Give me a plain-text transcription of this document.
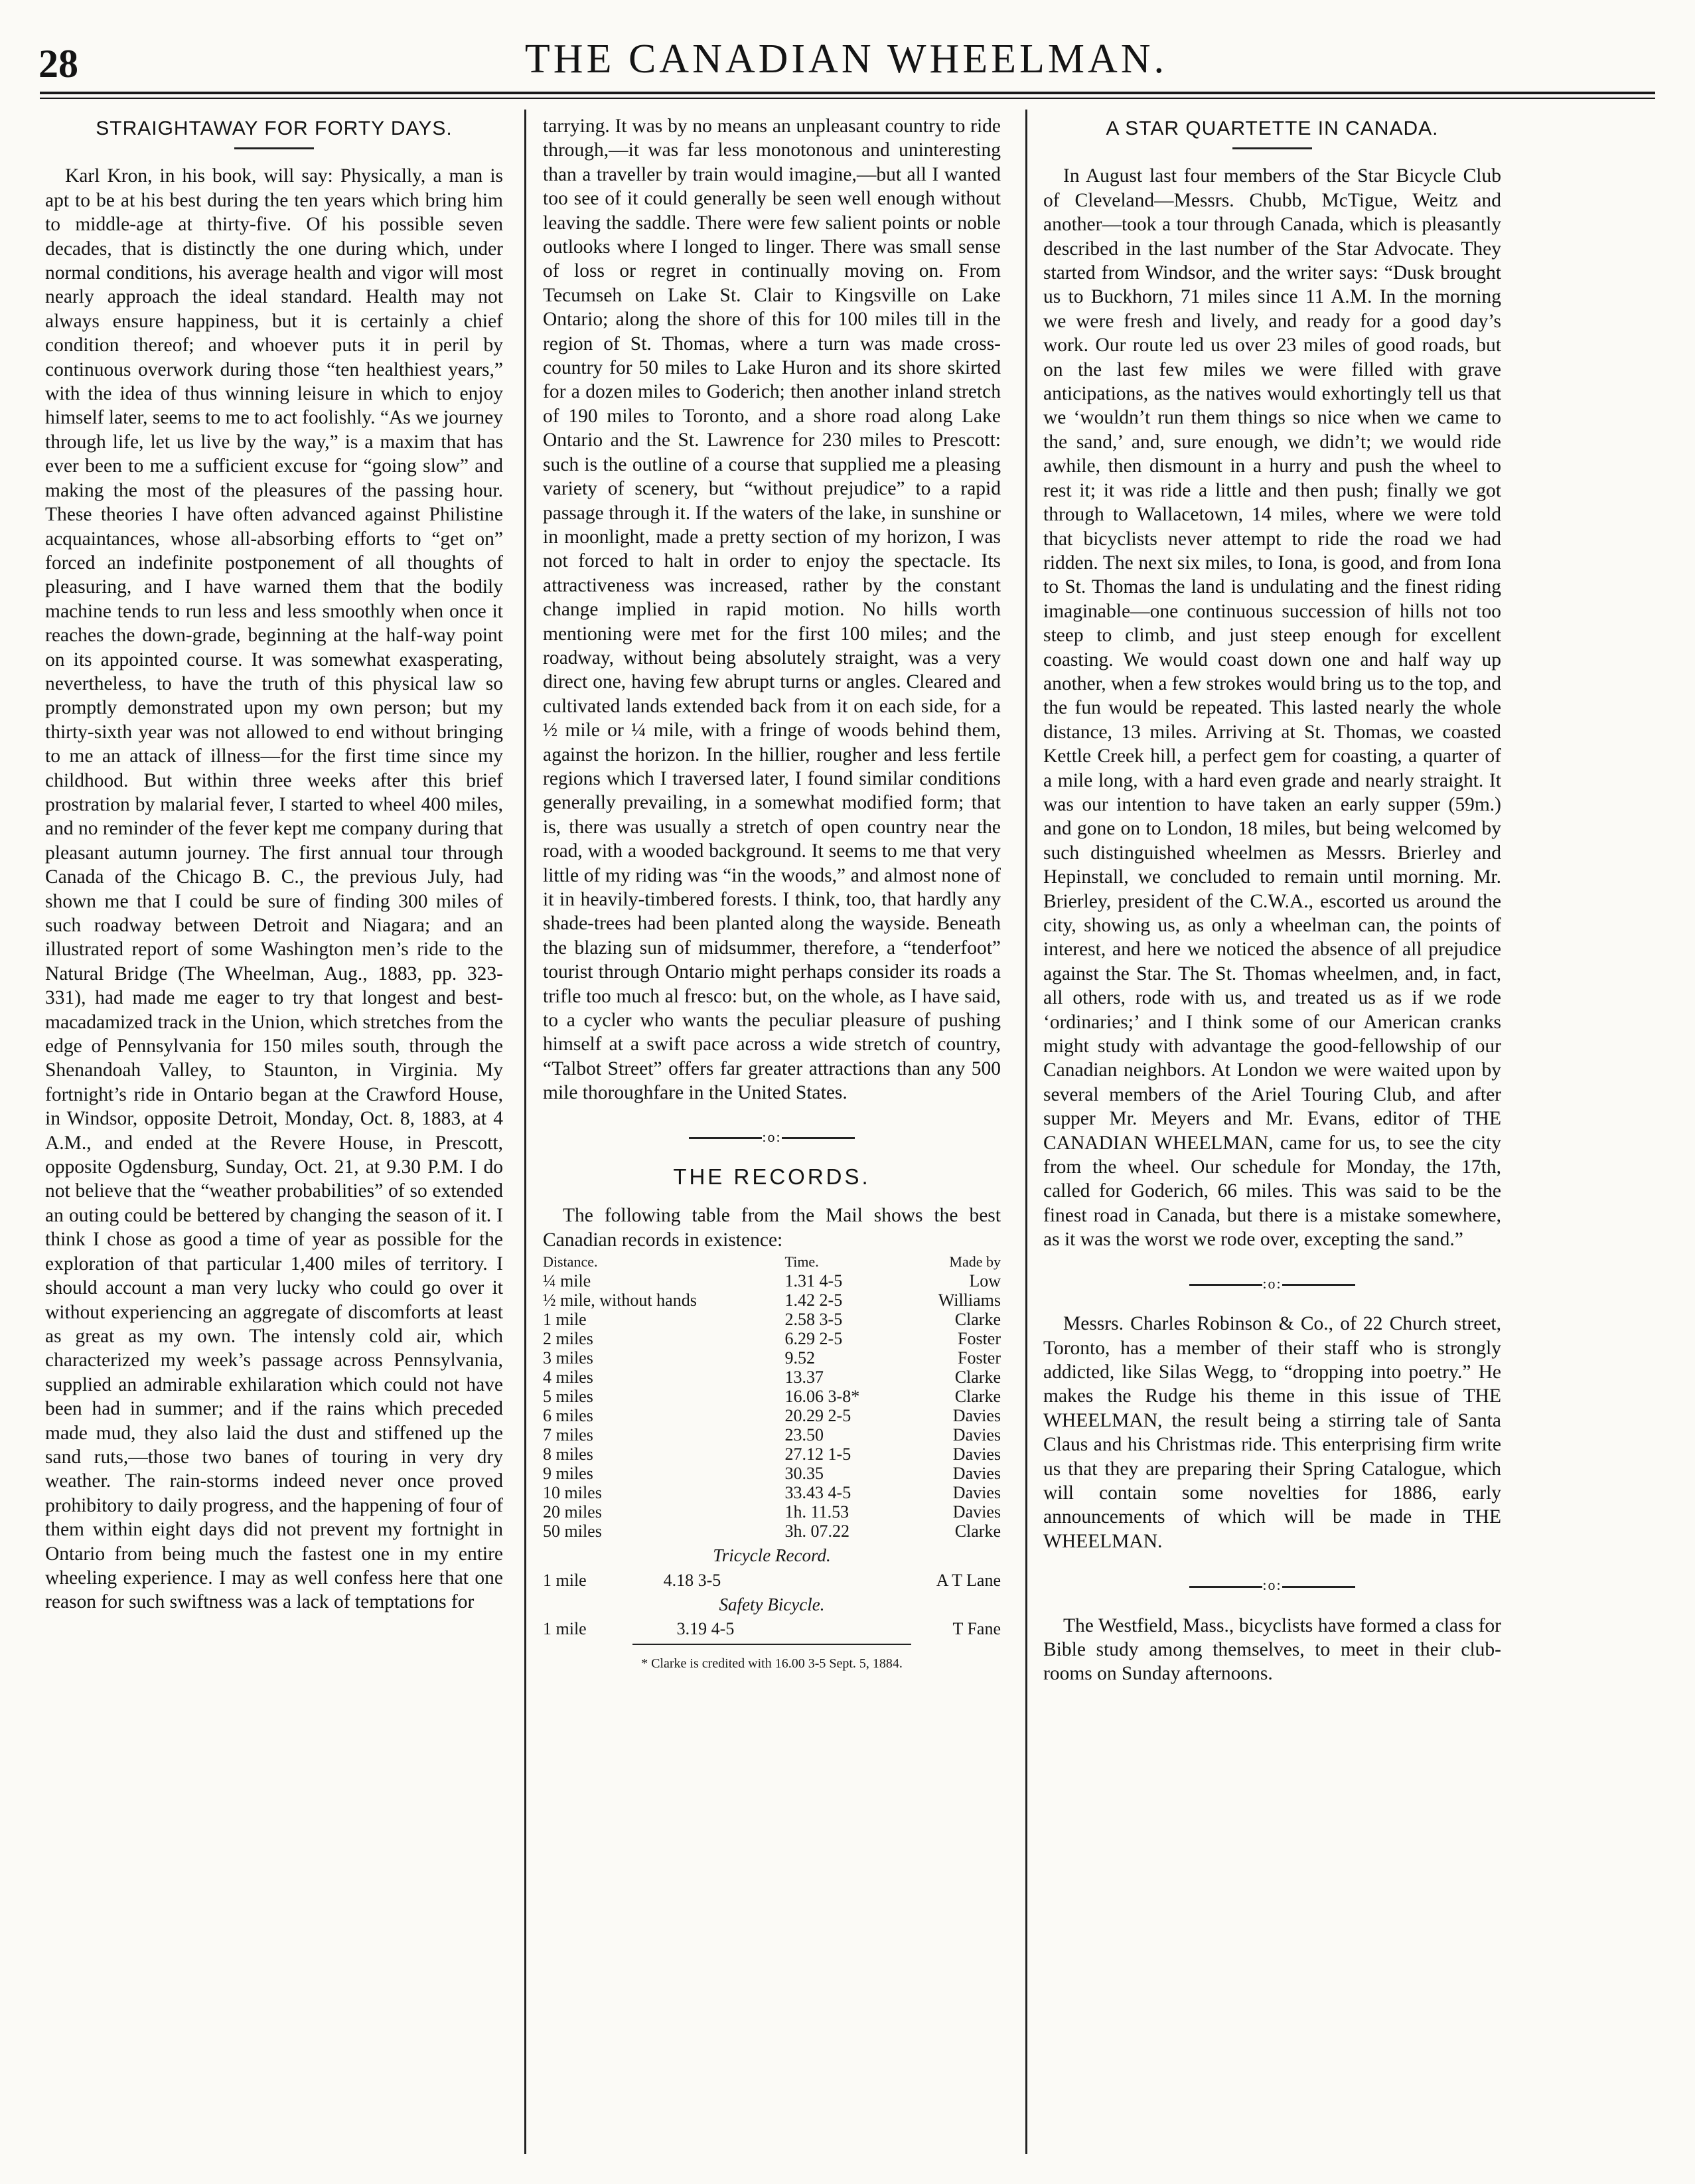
28	THE CANADIAN WHEELMAN.
STRAIGHTAWAY FOR FORTY DAYS.

Karl Kron, in his book, will say: Physically, a man is apt to be at his best during the ten years which bring him to middle-age at thirty-five. Of his possible seven decades, that is distinctly the one during which, under normal conditions, his average health and vigor will most nearly approach the ideal standard. Health may not always ensure happiness, but it is certainly a chief condition thereof; and whoever puts it in peril by continuous overwork during those “ten healthiest years,” with the idea of thus winning leisure in which to enjoy himself later, seems to me to act foolishly. “As we journey through life, let us live by the way,” is a maxim that has ever been to me a sufficient excuse for “going slow” and making the most of the pleasures of the passing hour. These theories I have often advanced against Philistine acquaintances, whose all-absorbing efforts to “get on” forced an indefinite postponement of all thoughts of pleasuring, and I have warned them that the bodily machine tends to run less and less smoothly when once it reaches the down-grade, beginning at the half-way point on its appointed course. It was somewhat exasperating, nevertheless, to have the truth of this physical law so promptly demonstrated upon my own person; but my thirty-sixth year was not allowed to end without bringing to me an attack of illness—for the first time since my childhood. But within three weeks after this brief prostration by malarial fever, I started to wheel 400 miles, and no reminder of the fever kept me company during that pleasant autumn journey. The first annual tour through Canada of the Chicago B. C., the previous July, had shown me that I could be sure of finding 300 miles of such roadway between Detroit and Niagara; and an illustrated report of some Washington men’s ride to the Natural Bridge (The Wheelman, Aug., 1883, pp. 323-331), had made me eager to try that longest and best-macadamized track in the Union, which stretches from the edge of Pennsylvania for 150 miles south, through the Shenandoah Valley, to Staunton, in Virginia. My fortnight’s ride in Ontario began at the Crawford House, in Windsor, opposite Detroit, Monday, Oct. 8, 1883, at 4 A.M., and ended at the Revere House, in Prescott, opposite Ogdensburg, Sunday, Oct. 21, at 9.30 P.M. I do not believe that the “weather probabilities” of so extended an outing could be bettered by changing the season of it. I think I chose as good a time of year as possible for the exploration of that particular 1,400 miles of territory. I should account a man very lucky who could go over it without experiencing an aggregate of discomforts at least as great as my own. The intensly cold air, which characterized my week’s passage across Pennsylvania, supplied an admirable exhilaration which could not have been had in summer; and if the rains which preceded made mud, they also laid the dust and stiffened up the sand ruts,—those two banes of touring in very dry weather. The rain-storms indeed never once proved prohibitory to daily progress, and the happening of four of them within eight days did not prevent my fortnight in Ontario from being much the fastest one in my entire wheeling experience. I may as well confess here that one reason for such swiftness was a lack of temptations for

tarrying. It was by no means an unpleasant country to ride through,—it was far less monotonous and uninteresting than a traveller by train would imagine,—but all I wanted too see of it could generally be seen well enough without leaving the saddle. There were few salient points or noble outlooks where I longed to linger. There was small sense of loss or regret in continually moving on. From Tecumseh on Lake St. Clair to Kingsville on Lake Ontario; along the shore of this for 100 miles till in the region of St. Thomas, where a turn was made cross-country for 50 miles to Lake Huron and its shore skirted for a dozen miles to Goderich; then another inland stretch of 190 miles to Toronto, and a shore road along Lake Ontario and the St. Lawrence for 230 miles to Prescott: such is the outline of a course that supplied me a pleasing variety of scenery, but “without prejudice” to a rapid passage through it. If the waters of the lake, in sunshine or in moonlight, made a pretty section of my horizon, I was not forced to halt in order to enjoy the spectacle. Its attractiveness was increased, rather by the constant change implied in rapid motion. No hills worth mentioning were met for the first 100 miles; and the roadway, without being absolutely straight, was a very direct one, having few abrupt turns or angles. Cleared and cultivated lands extended back from it on each side, for a ½ mile or ¼ mile, with a fringe of woods behind them, against the horizon. In the hillier, rougher and less fertile regions which I traversed later, I found similar conditions generally prevailing, in a somewhat modified form; that is, there was usually a stretch of open country near the road, with a wooded background. It seems to me that very little of my riding was “in the woods,” and almost none of it in heavily-timbered forests. I think, too, that hardly any shade-trees had been planted along the wayside. Beneath the blazing sun of midsummer, therefore, a “tenderfoot” tourist through Ontario might perhaps consider its roads a trifle too much al fresco: but, on the whole, as I have said, to a cycler who wants the peculiar pleasure of pushing himself at a swift pace across a wide stretch of country, “Talbot Street” offers far greater attractions than any 500 mile thoroughfare in the United States.

:o:
THE RECORDS.

The following table from the Mail shows the best Canadian records in existence:

Distance.	Time.	Made by
¼ mile	1.31 4-5	Low
½ mile, without hands	1.42 2-5	Williams
1 mile	2.58 3-5	Clarke
2 miles	6.29 2-5	Foster
3 miles	9.52	Foster
4 miles	13.37	Clarke
5 miles	16.06 3-8*	Clarke
6 miles	20.29 2-5	Davies
7 miles	23.50	Davies
8 miles	27.12 1-5	Davies
9 miles	30.35	Davies
10 miles	33.43 4-5	Davies
20 miles	1h. 11.53	Davies
50 miles	3h. 07.22	Clarke
Tricycle Record.
1 mile	4.18 3-5	A T Lane
Safety Bicycle.
1 mile	3.19 4-5	T Fane
* Clarke is credited with 16.00 3-5 Sept. 5, 1884.
A STAR QUARTETTE IN CANADA.

In August last four members of the Star Bicycle Club of Cleveland—Messrs. Chubb, McTigue, Weitz and another—took a tour through Canada, which is pleasantly described in the last number of the Star Advocate. They started from Windsor, and the writer says: “Dusk brought us to Buckhorn, 71 miles since 11 A.M. In the morning we were fresh and lively, and ready for a good day’s work. Our route led us over 23 miles of good roads, but on the last few miles we were filled with grave anticipations, as the natives would exhortingly tell us that we ‘wouldn’t run them things so nice when we came to the sand,’ and, sure enough, we didn’t; we would ride awhile, then dismount in a hurry and push the wheel to rest it; it was ride a little and then push; finally we got through to Wallacetown, 14 miles, where we were told that bicyclists never attempt to ride the road we had ridden. The next six miles, to Iona, is good, and from Iona to St. Thomas the land is undulating and the finest riding imaginable—one continuous succession of hills not too steep to climb, and just steep enough for excellent coasting. We would coast down one and half way up another, when a few strokes would bring us to the top, and the fun would be repeated. This lasted nearly the whole distance, 13 miles. Arriving at St. Thomas, we coasted Kettle Creek hill, a perfect gem for coasting, a quarter of a mile long, with a hard even grade and nearly straight. It was our intention to have taken an early supper (59m.) and gone on to London, 18 miles, but being welcomed by such distinguished wheelmen as Messrs. Brierley and Hepinstall, we concluded to remain until morning. Mr. Brierley, president of the C.W.A., escorted us around the city, showing us, as only a wheelman can, the points of interest, and here we noticed the absence of all prejudice against the Star. The St. Thomas wheelmen, and, in fact, all others, rode with us, and treated us as if we rode ‘ordinaries;’ and I think some of our American cranks might study with advantage the good-fellowship of our Canadian neighbors. At London we were waited upon by several members of the Ariel Touring Club, and after supper Mr. Meyers and Mr. Evans, editor of THE CANADIAN WHEELMAN, came for us, to see the city from the wheel. Our schedule for Monday, the 17th, called for Goderich, 66 miles. This was said to be the finest road in Canada, but there is a mistake somewhere, as it was the worst we rode over, excepting the sand.”

:o:

Messrs. Charles Robinson & Co., of 22 Church street, Toronto, has a member of their staff who is strongly addicted, like Silas Wegg, to “dropping into poetry.” He makes the Rudge his theme in this issue of THE WHEELMAN, the result being a stirring tale of Santa Claus and his Christmas ride. This enterprising firm write us that they are preparing their Spring Catalogue, which will contain some novelties for 1886, early announcements of which will be made in THE WHEELMAN.

:o:

The Westfield, Mass., bicyclists have formed a class for Bible study among themselves, to meet in their club-rooms on Sunday afternoons.
